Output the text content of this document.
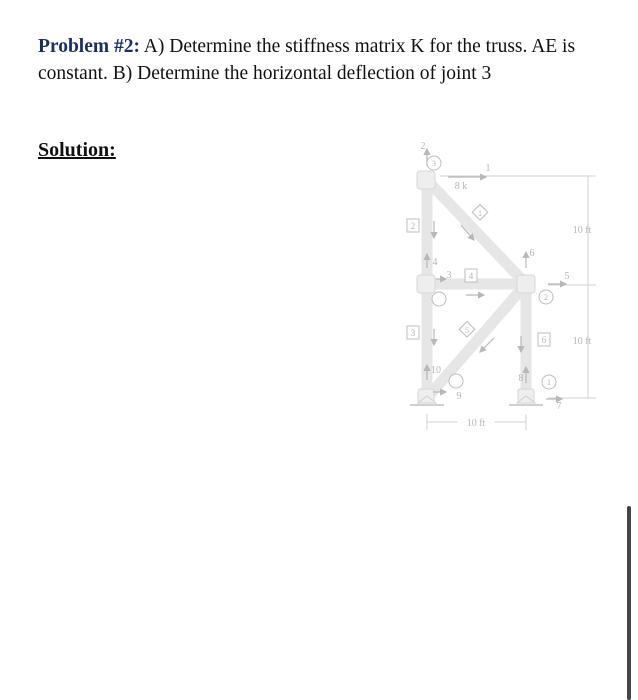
Problem #2: A) Determine the stiffness matrix K for the truss. AE is constant. B) Determine the horizontal deflection of joint 3
Solution:
8 k
10 ft
10 ft
10 ft
3
2
1
1
2
3
4
5
6
1
2
3
4
5
6
7
8
9
10
